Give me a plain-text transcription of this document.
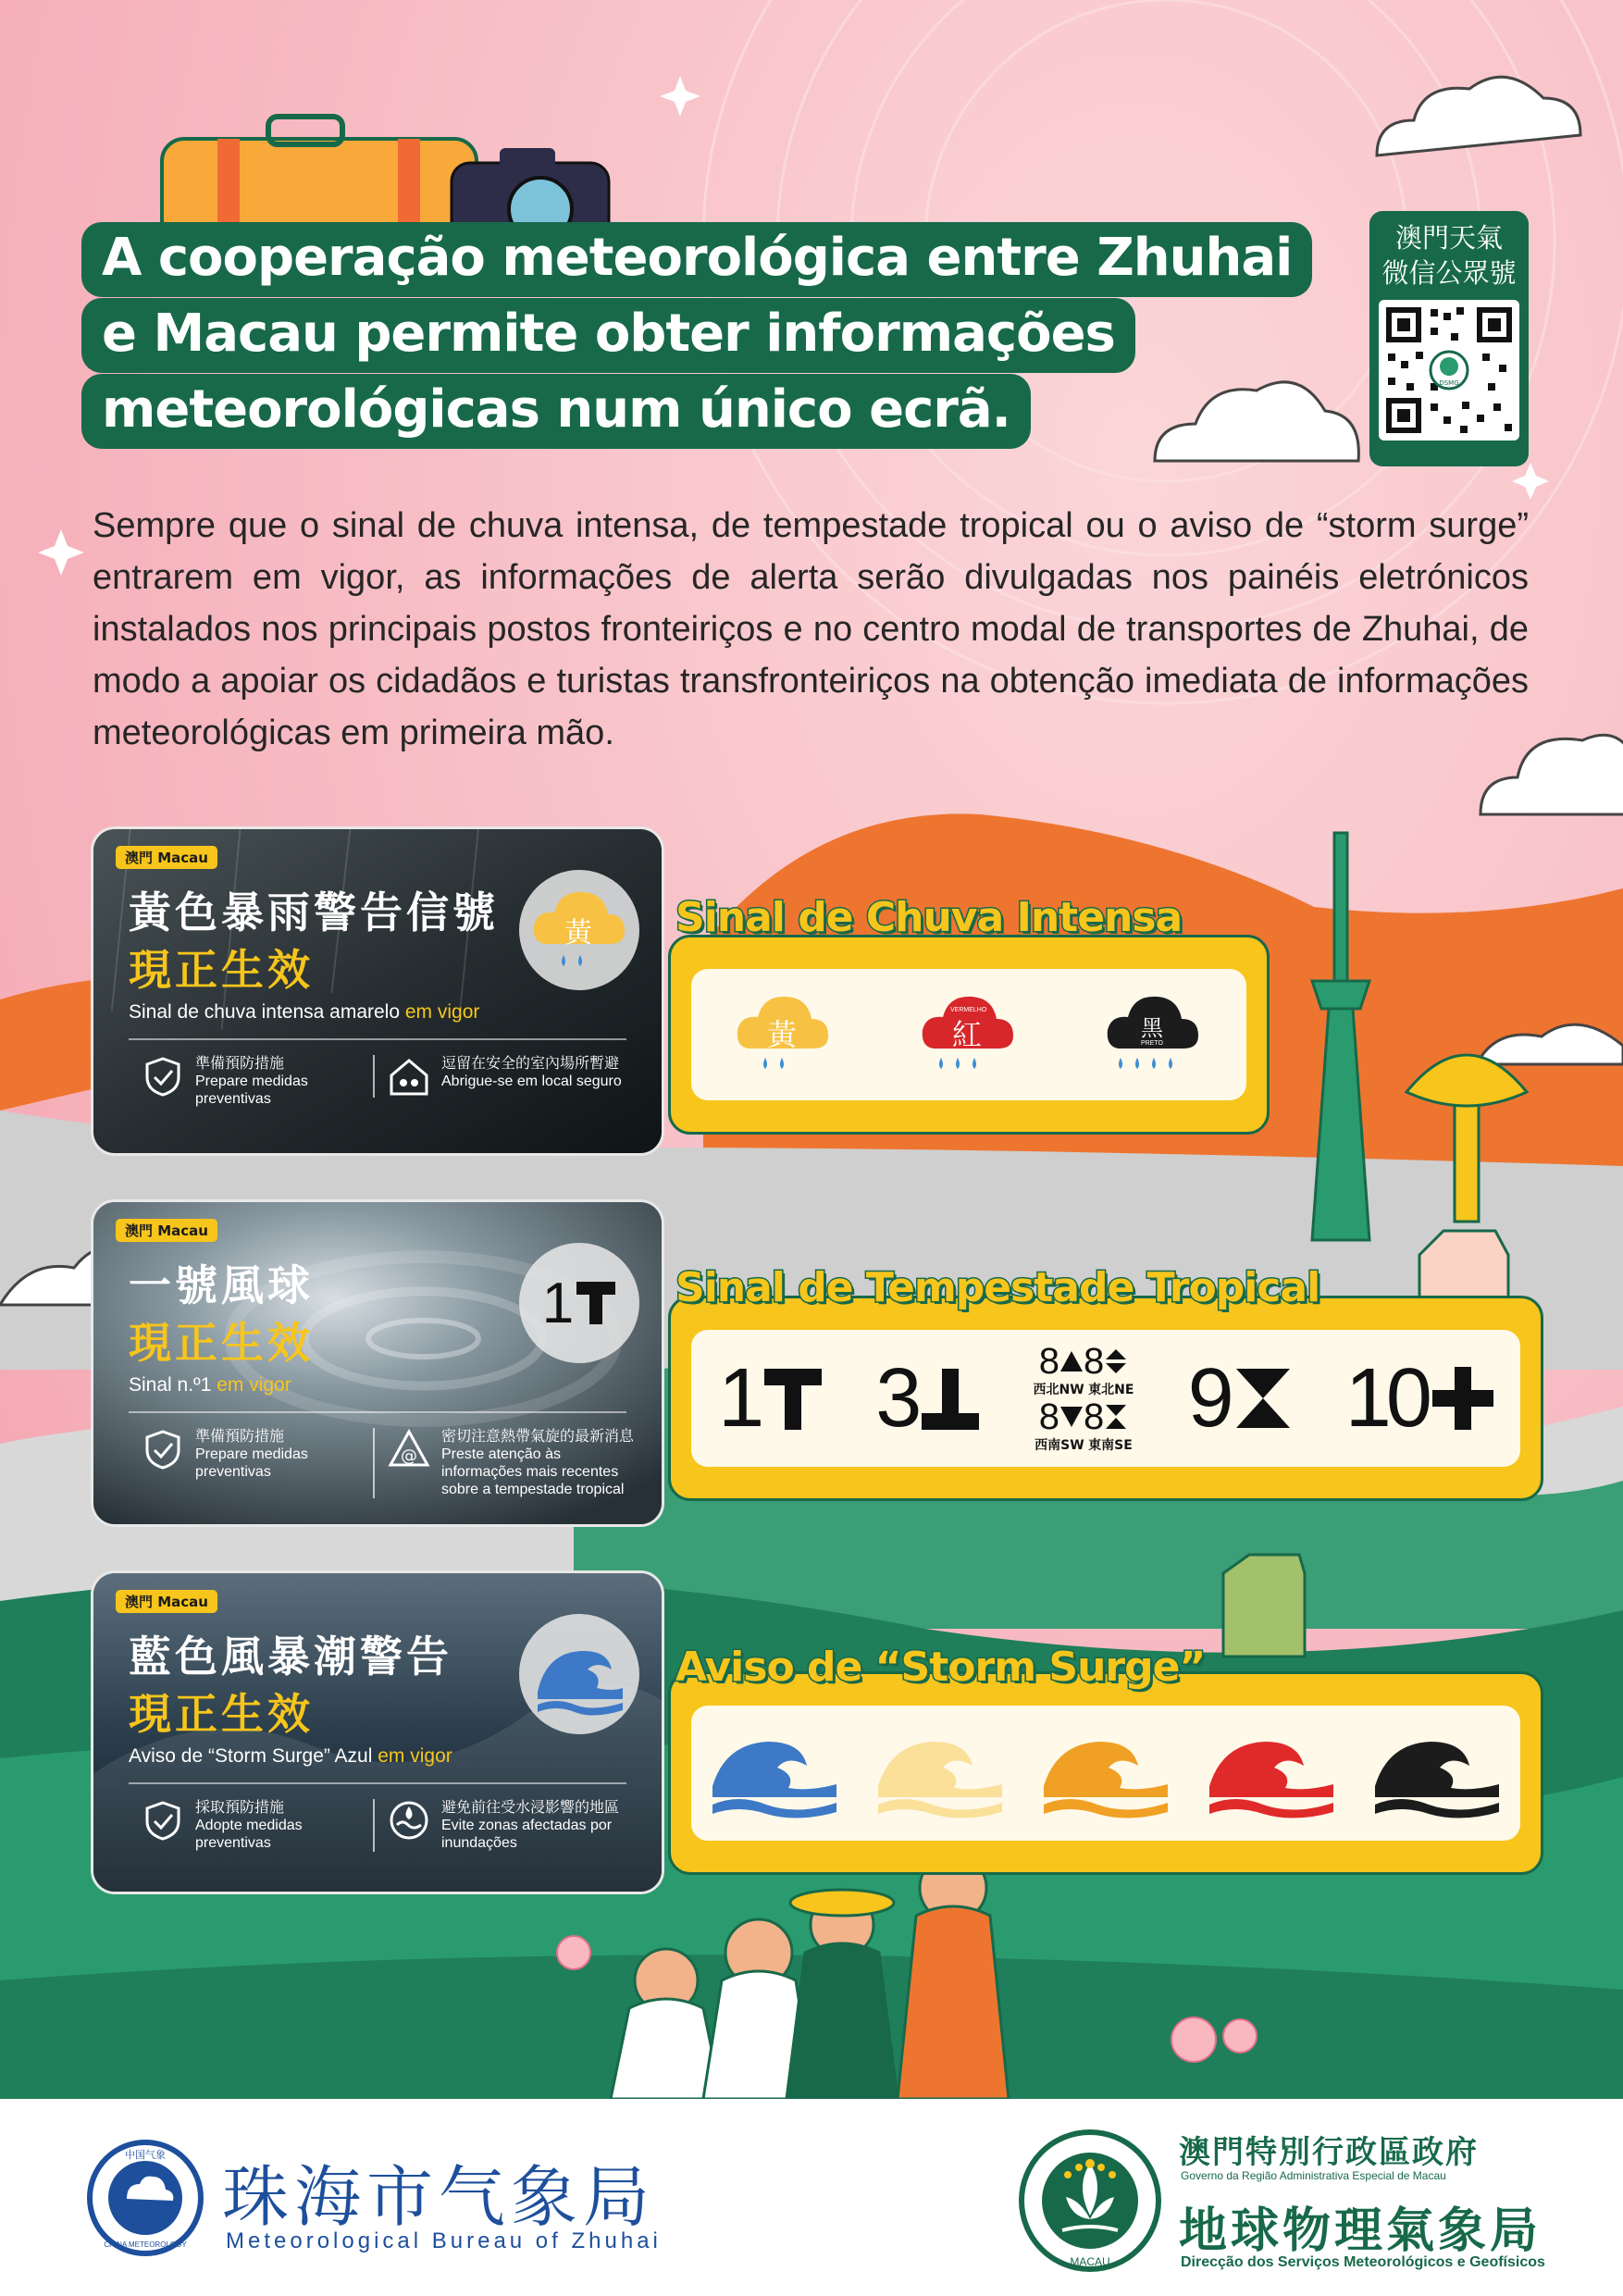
A cooperação meteorológica entre Zhuhai
e Macau permite obter informações
meteorológicas num único ecrã.
澳門天氣
微信公眾號
DSMG
Sempre que o sinal de chuva intensa, de tempestade tropical ou o aviso de “storm surge” entrarem em vigor, as informações de alerta serão divulgadas nos painéis eletrónicos instalados nos principais postos fronteiriços e no centro modal de transportes de Zhuhai, de modo a apoiar os cidadãos e turistas transfronteiriços na obtenção imediata de informações meteorológicas em primeira mão.
澳門 Macau
黃色暴雨警告信號
現正生效
Sinal de chuva intensa amarelo em vigor
黃
準備預防措施
Prepare medidas preventivas
逗留在安全的室內場所暫避
Abrigue-se em local seguro
澳門 Macau
一號風球
現正生效
Sinal n.º1 em vigor
1
準備預防措施
Prepare medidas preventivas
@
密切注意熱帶氣旋的最新消息
Preste atenção às informações mais recentes sobre a tempestade tropical
澳門 Macau
藍色風暴潮警告
現正生效
Aviso de “Storm Surge” Azul em vigor
採取預防措施
Adopte medidas preventivas
避免前往受水浸影響的地區
Evite zonas afectadas por inundações
Sinal de Chuva Intensa
黃
VERMELHO
紅	黑
PRETO
Sinal de Tempestade Tropical
1 3	8 8
西北NW
東北NE
8 8
西南SW
東南SE
9 10
Aviso de “Storm Surge”
中国气象
CHINA METEOROLOGY
珠海市气象局
Meteorological Bureau of Zhuhai
MACAU
澳門特別行政區政府
Governo da Região Administrativa Especial de Macau
地球物理氣象局
Direcção dos Serviços Meteorológicos e Geofísicos
